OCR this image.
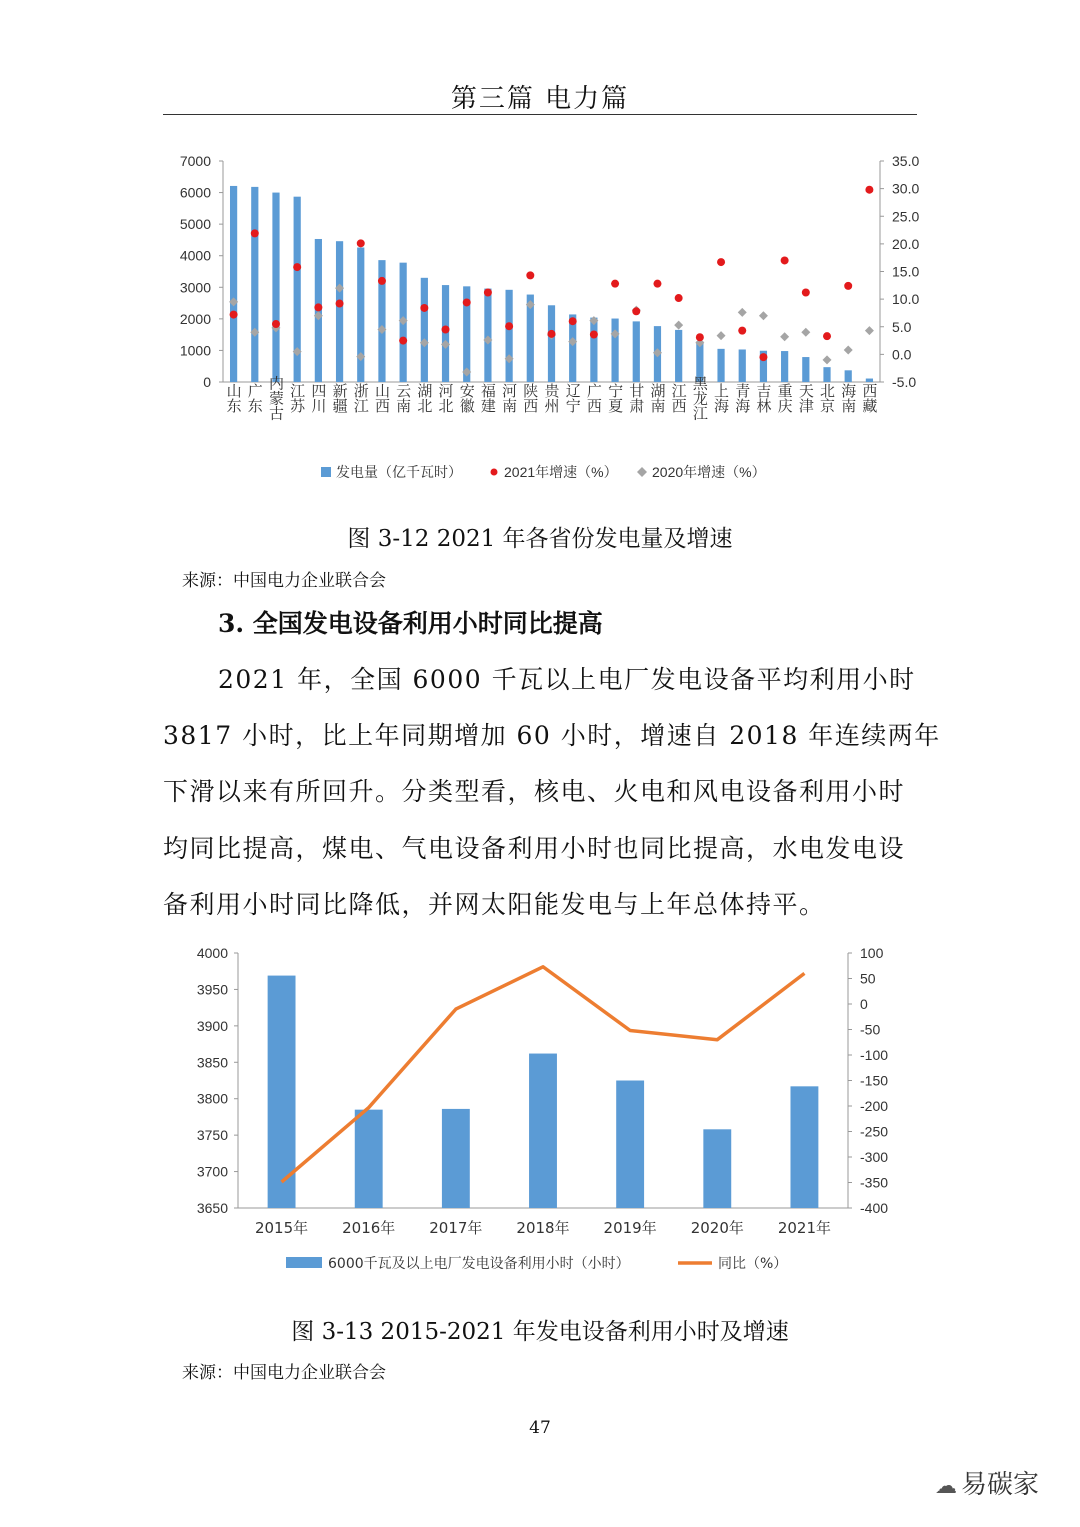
第三篇 电力篇
0
1000
2000
3000
4000
5000
6000
7000
-5.0
0.0
5.0
10.0
15.0
20.0
25.0
30.0
35.0
山东 广东 内蒙古 江苏 四川 新疆 浙江 山西 云南 湖北 河北 安徽 福建 河南 陕西 贵州 辽宁 广西 宁夏 甘肃 湖南 江西 黑龙江 上海 青海 吉林 重庆 天津 北京 海南 西藏
发电量（亿千瓦时）	2021年增速（%） 2020年增速（%）
图 3-12 2021 年各省份发电量及增速
来源：中国电力企业联合会
3. 全国发电设备利用小时同比提高
2021 年，全国 6000 千瓦以上电厂发电设备平均利用小时
3817 小时，比上年同期增加 60 小时，增速自 2018 年连续两年
下滑以来有所回升。分类型看，核电、火电和风电设备利用小时
均同比提高，煤电、气电设备利用小时也同比提高，水电发电设
备利用小时同比降低，并网太阳能发电与上年总体持平。
3650
3700
3750
3800
3850
3900
3950
4000
-400
-350
-300
-250
-200
-150
-100
-50
0
50
100
2015年 2016年 2017年 2018年 2019年 2020年 2021年
6000千瓦及以上电厂发电设备利用小时（小时）	同比（%）
图 3-13 2015-2021 年发电设备利用小时及增速
来源：中国电力企业联合会
47
☁ 易碳家
